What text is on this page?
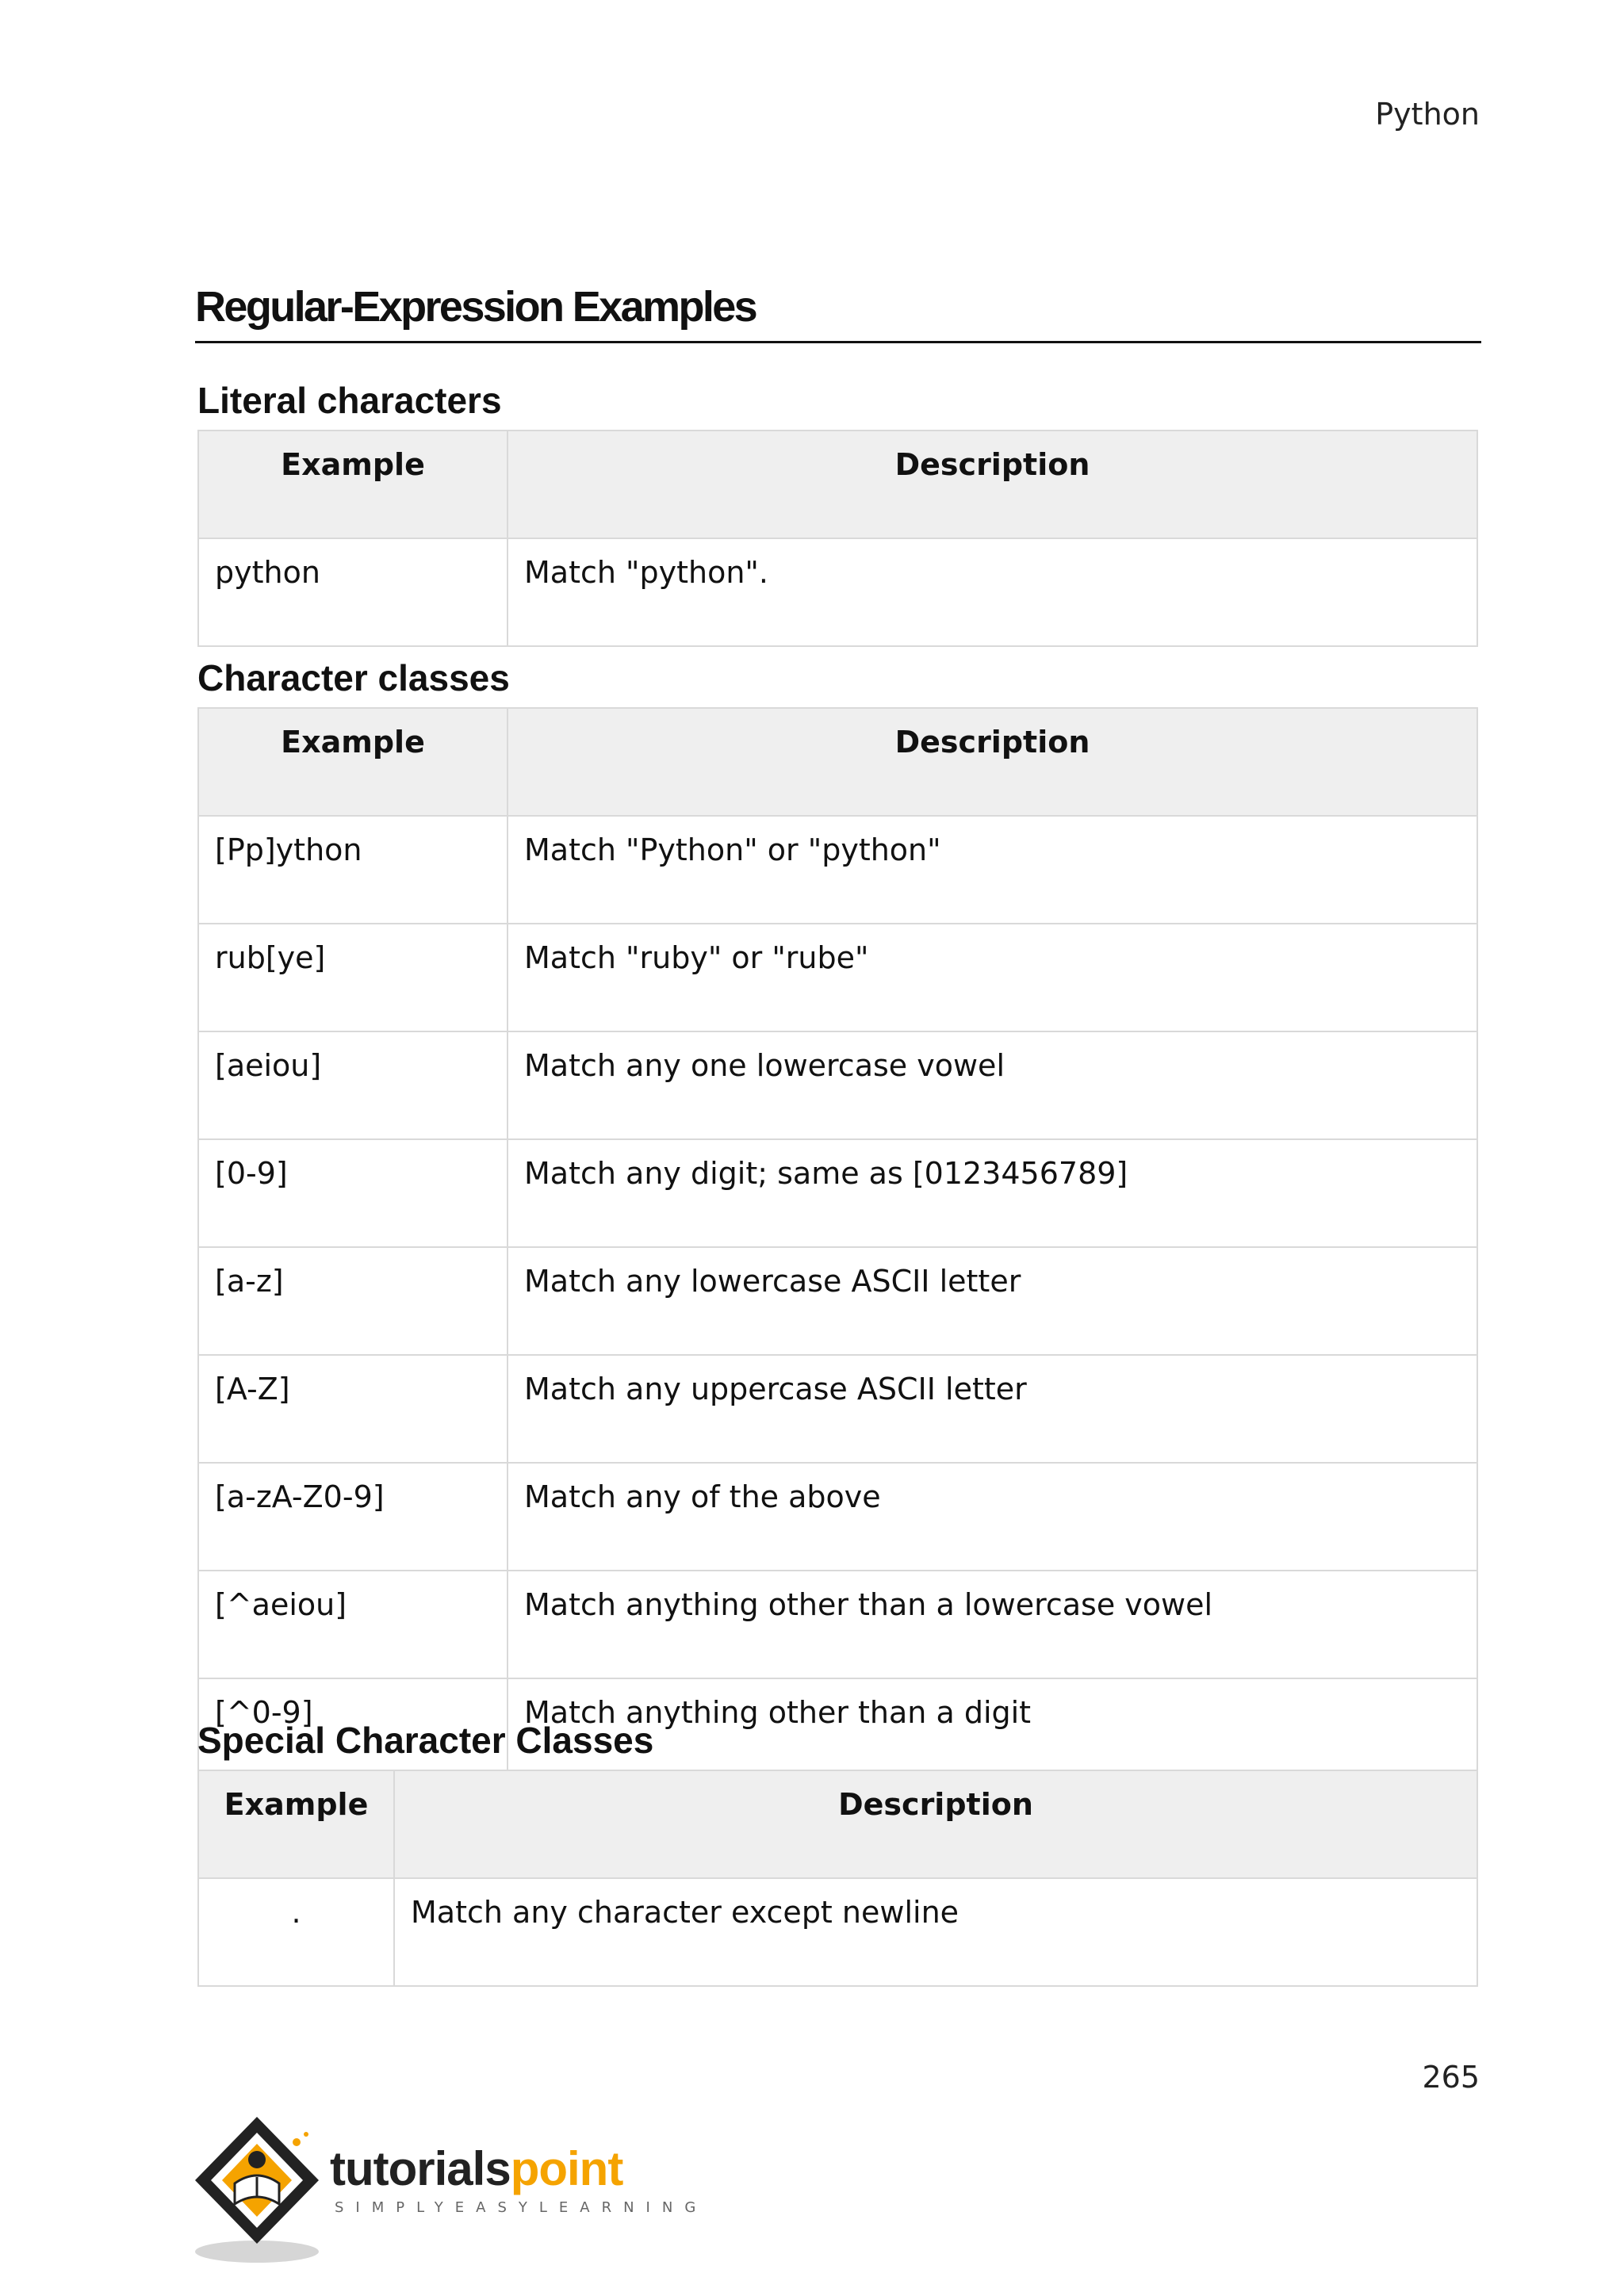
Python
Regular-Expression Examples
Literal characters
Example	Description
python	Match "python".
Character classes
Example	Description
[Pp]ython	Match "Python" or "python"
rub[ye]	Match "ruby" or "rube"
[aeiou]	Match any one lowercase vowel
[0-9]	Match any digit; same as [0123456789]
[a-z]	Match any lowercase ASCII letter
[A-Z]	Match any uppercase ASCII letter
[a-zA-Z0-9]	Match any of the above
[^aeiou]	Match anything other than a lowercase vowel
[^0-9]	Match anything other than a digit
Special Character Classes
Example	Description
.	Match any character except newline
265
tutorialspoint
SIMPLYEASYLEARNING
